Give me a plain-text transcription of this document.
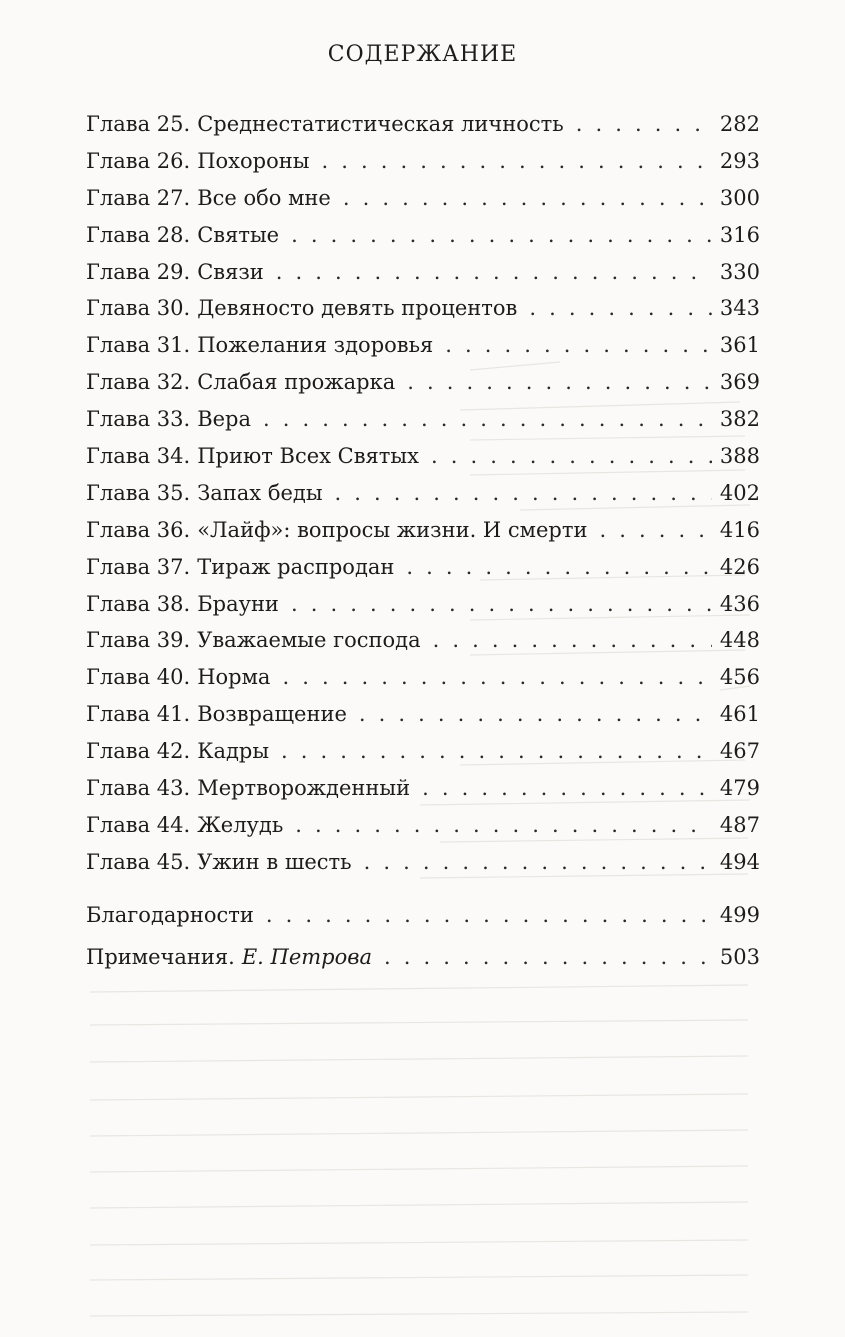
СОДЕРЖАНИЕ
Глава 25. Среднестатистическая личность . . .	282
Глава 26. Похороны . . .	293
Глава 27. Все обо мне . . .	300
Глава 28. Святые . . .	316
Глава 29. Связи . . .	330
Глава 30. Девяносто девять процентов . . .	343
Глава 31. Пожелания здоровья . . .	361
Глава 32. Слабая прожарка . . .	369
Глава 33. Вера . . .	382
Глава 34. Приют Всех Святых . . .	388
Глава 35. Запах беды . . .	402
Глава 36. «Лайф»: вопросы жизни. И смерти . . .	416
Глава 37. Тираж распродан . . .	426
Глава 38. Брауни . . .	436
Глава 39. Уважаемые господа . . .	448
Глава 40. Норма . . .	456
Глава 41. Возвращение . . .	461
Глава 42. Кадры . . .	467
Глава 43. Мертворожденный . . .	479
Глава 44. Желудь . . .	487
Глава 45. Ужин в шесть . . .	494
Благодарности . . .	499
Примечания. Е. Петрова . . .	503
